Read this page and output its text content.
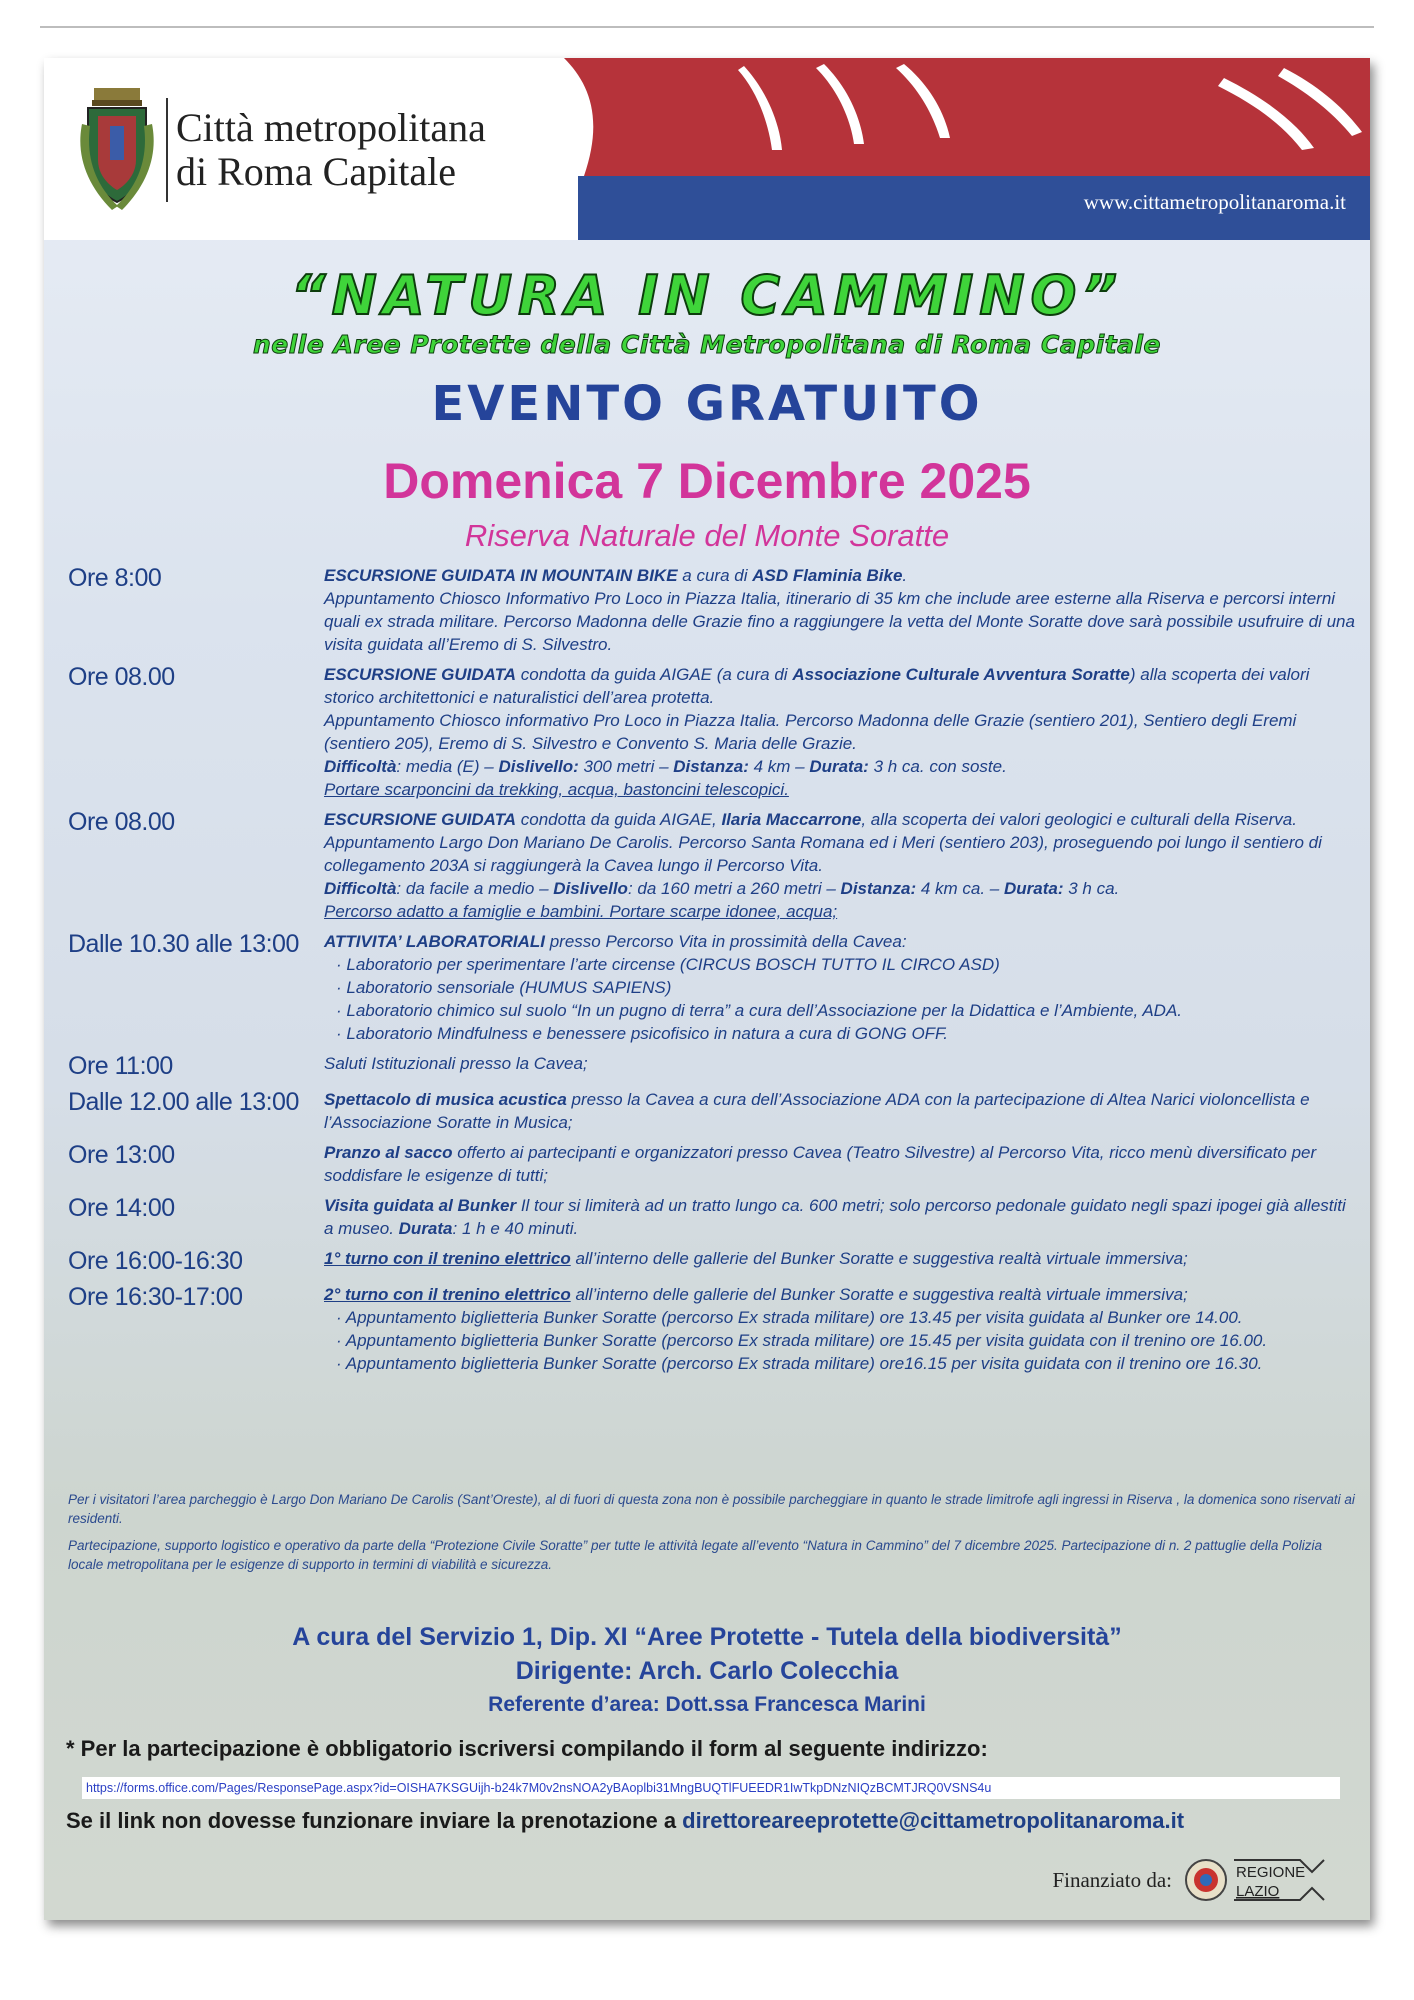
Città metropolitana
di Roma Capitale
www.cittametropolitanaroma.it
“NATURA IN CAMMINO”
nelle Aree Protette della Città Metropolitana di Roma Capitale
EVENTO GRATUITO
Domenica 7 Dicembre 2025
Riserva Naturale del Monte Soratte
Ore 8:00	ESCURSIONE GUIDATA IN MOUNTAIN BIKE a cura di ASD Flaminia Bike.
Appuntamento Chiosco Informativo Pro Loco in Piazza Italia, itinerario di 35 km che include aree esterne alla Riserva e percorsi interni quali ex strada militare. Percorso Madonna delle Grazie fino a raggiungere la vetta del Monte Soratte dove sarà possibile usufruire di una visita guidata all’Eremo di S. Silvestro.
Ore 08.00	ESCURSIONE GUIDATA condotta da guida AIGAE (a cura di Associazione Culturale Avventura Soratte) alla scoperta dei valori storico architettonici e naturalistici dell’area protetta.
Appuntamento Chiosco informativo Pro Loco in Piazza Italia. Percorso Madonna delle Grazie (sentiero 201), Sentiero degli Eremi (sentiero 205), Eremo di S. Silvestro e Convento S. Maria delle Grazie.
Difficoltà: media (E) – Dislivello: 300 metri – Distanza: 4 km – Durata: 3 h ca. con soste.
Portare scarponcini da trekking, acqua, bastoncini telescopici.
Ore 08.00	ESCURSIONE GUIDATA condotta da guida AIGAE, Ilaria Maccarrone, alla scoperta dei valori geologici e culturali della Riserva. Appuntamento Largo Don Mariano De Carolis. Percorso Santa Romana ed i Meri (sentiero 203), proseguendo poi lungo il sentiero di collegamento 203A si raggiungerà la Cavea lungo il Percorso Vita.
Difficoltà: da facile a medio – Dislivello: da 160 metri a 260 metri – Distanza: 4 km ca. – Durata: 3 h ca.
Percorso adatto a famiglie e bambini. Portare scarpe idonee, acqua;
Dalle 10.30 alle 13:00	ATTIVITA’ LABORATORIALI presso Percorso Vita in prossimità della Cavea:
· Laboratorio per sperimentare l’arte circense (CIRCUS BOSCH TUTTO IL CIRCO ASD)
· Laboratorio sensoriale (HUMUS SAPIENS)
· Laboratorio chimico sul suolo “In un pugno di terra” a cura dell’Associazione per la Didattica e l’Ambiente, ADA.
· Laboratorio Mindfulness e benessere psicofisico in natura a cura di GONG OFF.
Ore 11:00	Saluti Istituzionali presso la Cavea;
Dalle 12.00 alle 13:00	Spettacolo di musica acustica presso la Cavea a cura dell’Associazione ADA con la partecipazione di Altea Narici violoncellista e l’Associazione Soratte in Musica;
Ore 13:00	Pranzo al sacco offerto ai partecipanti e organizzatori presso Cavea (Teatro Silvestre) al Percorso Vita, ricco menù diversificato per soddisfare le esigenze di tutti;
Ore 14:00	Visita guidata al Bunker Il tour si limiterà ad un tratto lungo ca. 600 metri; solo percorso pedonale guidato negli spazi ipogei già allestiti a museo. Durata: 1 h e 40 minuti.
Ore 16:00-16:30	1° turno con il trenino elettrico all’interno delle gallerie del Bunker Soratte e suggestiva realtà virtuale immersiva;
Ore 16:30-17:00	2° turno con il trenino elettrico all’interno delle gallerie del Bunker Soratte e suggestiva realtà virtuale immersiva;
· Appuntamento biglietteria Bunker Soratte (percorso Ex strada militare) ore 13.45 per visita guidata al Bunker ore 14.00.
· Appuntamento biglietteria Bunker Soratte (percorso Ex strada militare) ore 15.45 per visita guidata con il trenino ore 16.00.
· Appuntamento biglietteria Bunker Soratte (percorso Ex strada militare) ore16.15 per visita guidata con il trenino ore 16.30.

Per i visitatori l’area parcheggio è Largo Don Mariano De Carolis (Sant’Oreste), al di fuori di questa zona non è possibile parcheggiare in quanto le strade limitrofe agli ingressi in Riserva , la domenica sono riservati ai residenti.

Partecipazione, supporto logistico e operativo da parte della “Protezione Civile Soratte” per tutte le attività legate all’evento “Natura in Cammino” del 7 dicembre 2025. Partecipazione di n. 2 pattuglie della Polizia locale metropolitana per le esigenze di supporto in termini di viabilità e sicurezza.

A cura del Servizio 1, Dip. XI “Aree Protette - Tutela della biodiversità”
Dirigente: Arch. Carlo Colecchia
Referente d’area: Dott.ssa Francesca Marini
* Per la partecipazione è obbligatorio iscriversi compilando il form al seguente indirizzo:
https://forms.office.com/Pages/ResponsePage.aspx?id=OISHA7KSGUijh-b24k7M0v2nsNOA2yBAoplbi31MngBUQTlFUEEDR1IwTkpDNzNIQzBCMTJRQ0VSNS4u
Se il link non dovesse funzionare inviare la prenotazione a direttoreareeprotette@cittametropolitanaroma.it
Finanziato da:	REGIONE
LAZIO
